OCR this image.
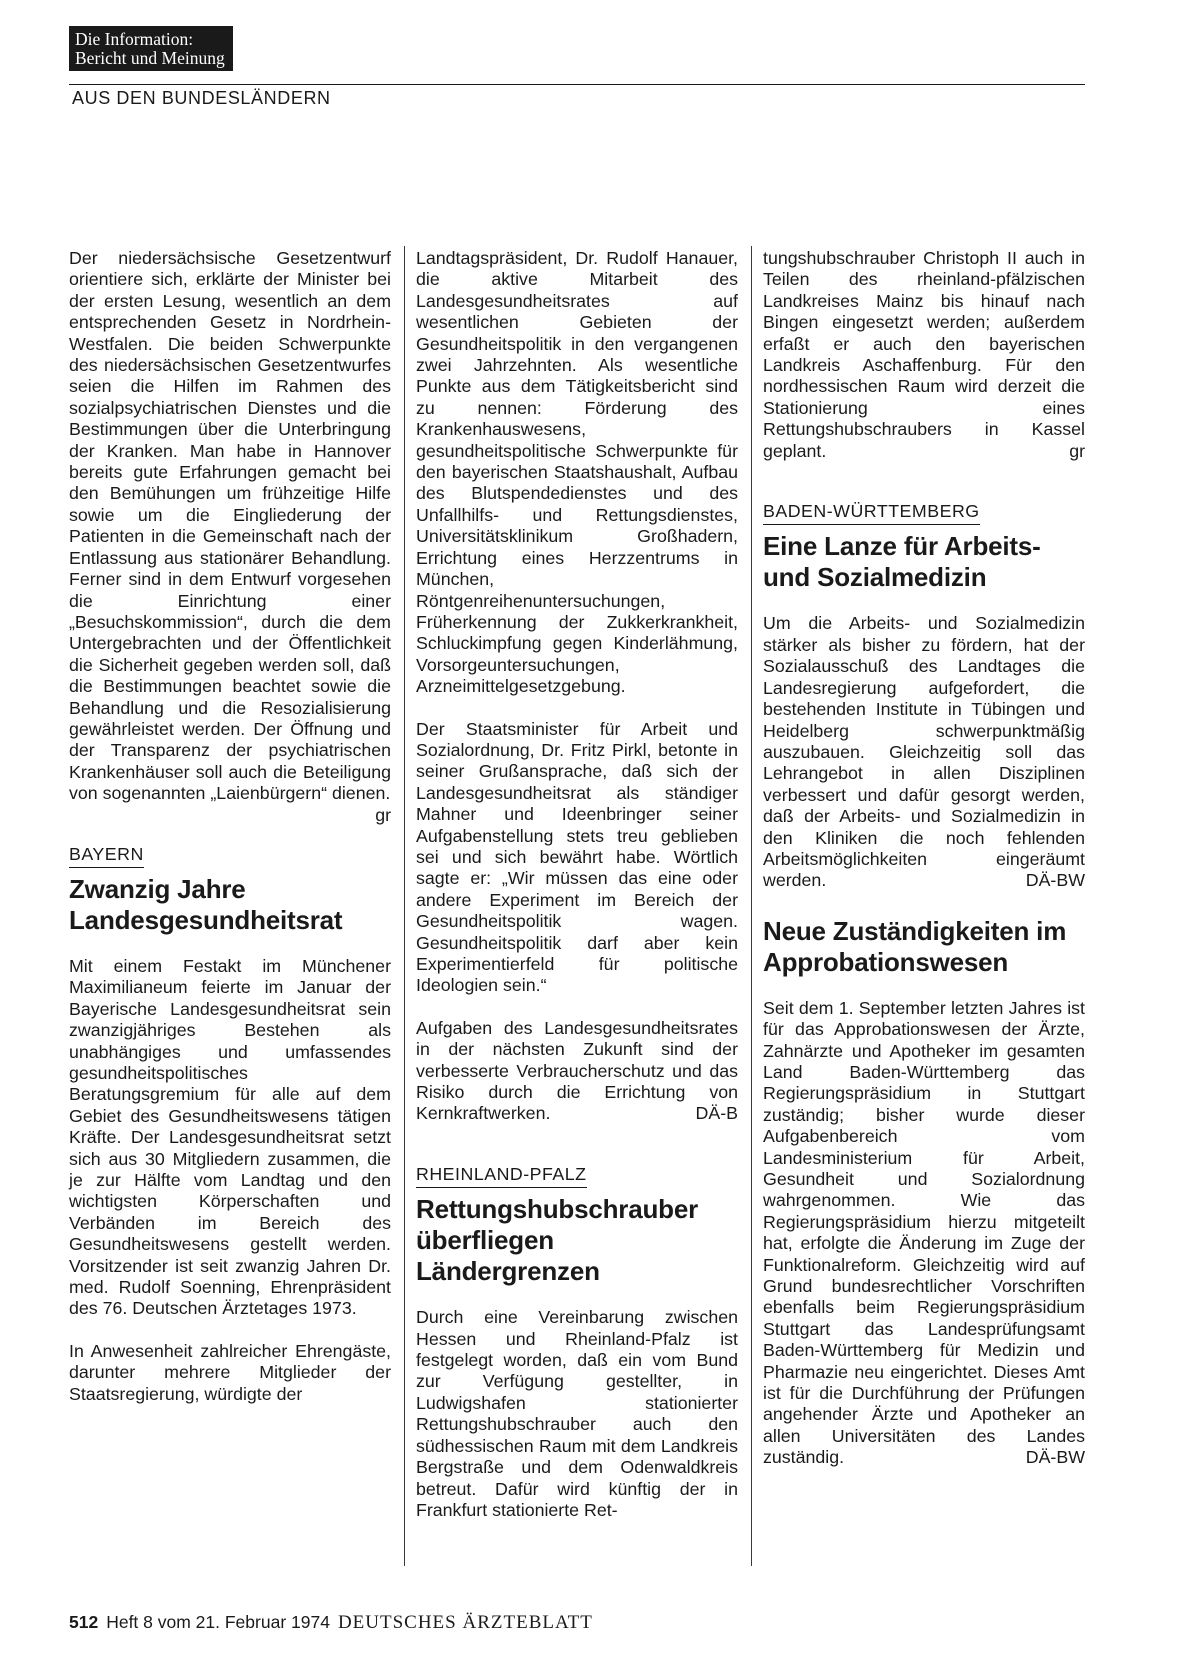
Die Information:
Bericht und Meinung
AUS DEN BUNDESLÄNDERN

Der niedersächsische Gesetzentwurf orientiere sich, erklärte der Minister bei der ersten Lesung, wesentlich an dem entsprechenden Gesetz in Nordrhein-Westfalen. Die beiden Schwerpunkte des niedersächsischen Gesetzentwurfes seien die Hilfen im Rahmen des sozialpsychiatrischen Dienstes und die Bestimmungen über die Unterbringung der Kranken. Man habe in Hannover bereits gute Erfahrungen gemacht bei den Bemühungen um frühzeitige Hilfe sowie um die Eingliederung der Patienten in die Gemeinschaft nach der Entlassung aus stationärer Behandlung. Ferner sind in dem Entwurf vorgesehen die Einrichtung einer „Besuchskommission“, durch die dem Untergebrachten und der Öffentlichkeit die Sicherheit gegeben werden soll, daß die Bestimmungen beachtet sowie die Behandlung und die Resozialisierung gewährleistet werden. Der Öffnung und der Transparenz der psychiatrischen Krankenhäuser soll auch die Beteiligung von sogenannten „Laienbürgern“ dienen.
gr

BAYERN
Zwanzig Jahre Landesgesundheitsrat

Mit einem Festakt im Münchener Maximilianeum feierte im Januar der Bayerische Landesgesundheitsrat sein zwanzigjähriges Bestehen als unabhängiges und umfassendes gesundheitspolitisches Beratungsgremium für alle auf dem Gebiet des Gesundheitswesens tätigen Kräfte. Der Landesgesundheitsrat setzt sich aus 30 Mitgliedern zusammen, die je zur Hälfte vom Landtag und den wichtigsten Körperschaften und Verbänden im Bereich des Gesundheitswesens gestellt werden. Vorsitzender ist seit zwanzig Jahren Dr. med. Rudolf Soenning, Ehrenpräsident des 76. Deutschen Ärztetages 1973.

In Anwesenheit zahlreicher Ehrengäste, darunter mehrere Mitglieder der Staatsregierung, würdigte der

Landtagspräsident, Dr. Rudolf Hanauer, die aktive Mitarbeit des Landesgesundheitsrates auf wesentlichen Gebieten der Gesundheitspolitik in den vergangenen zwei Jahrzehnten. Als wesentliche Punkte aus dem Tätigkeitsbericht sind zu nennen: Förderung des Krankenhauswesens, gesundheitspolitische Schwerpunkte für den bayerischen Staatshaushalt, Aufbau des Blutspendedienstes und des Unfallhilfs- und Rettungsdienstes, Universitätsklinikum Großhadern, Errichtung eines Herzzentrums in München, Röntgenreihenuntersuchungen, Früherkennung der Zukkerkrankheit, Schluckimpfung gegen Kinderlähmung, Vorsorgeuntersuchungen, Arzneimittelgesetzgebung.

Der Staatsminister für Arbeit und Sozialordnung, Dr. Fritz Pirkl, betonte in seiner Grußansprache, daß sich der Landesgesundheitsrat als ständiger Mahner und Ideenbringer seiner Aufgabenstellung stets treu geblieben sei und sich bewährt habe. Wörtlich sagte er: „Wir müssen das eine oder andere Experiment im Bereich der Gesundheitspolitik wagen. Gesundheitspolitik darf aber kein Experimentierfeld für politische Ideologien sein.“

Aufgaben des Landesgesundheitsrates in der nächsten Zukunft sind der verbesserte Verbraucherschutz und das Risiko durch die Errichtung von Kernkraftwerken.	DÄ-B

RHEINLAND-PFALZ
Rettungshubschrauber überfliegen Ländergrenzen

Durch eine Vereinbarung zwischen Hessen und Rheinland-Pfalz ist festgelegt worden, daß ein vom Bund zur Verfügung gestellter, in Ludwigshafen stationierter Rettungshubschrauber auch den südhessischen Raum mit dem Landkreis Bergstraße und dem Odenwaldkreis betreut. Dafür wird künftig der in Frankfurt stationierte Ret-

tungshubschrauber Christoph II auch in Teilen des rheinland-pfälzischen Landkreises Mainz bis hinauf nach Bingen eingesetzt werden; außerdem erfaßt er auch den bayerischen Landkreis Aschaffenburg. Für den nordhessischen Raum wird derzeit die Stationierung eines Rettungshubschraubers in Kassel geplant.	gr

BADEN-WÜRTTEMBERG
Eine Lanze für Arbeits- und Sozialmedizin

Um die Arbeits- und Sozialmedizin stärker als bisher zu fördern, hat der Sozialausschuß des Landtages die Landesregierung aufgefordert, die bestehenden Institute in Tübingen und Heidelberg schwerpunktmäßig auszubauen. Gleichzeitig soll das Lehrangebot in allen Disziplinen verbessert und dafür gesorgt werden, daß der Arbeits- und Sozialmedizin in den Kliniken die noch fehlenden Arbeitsmöglichkeiten eingeräumt werden.	DÄ-BW

Neue Zuständigkeiten im Approbationswesen

Seit dem 1. September letzten Jahres ist für das Approbationswesen der Ärzte, Zahnärzte und Apotheker im gesamten Land Baden-Württemberg das Regierungspräsidium in Stuttgart zuständig; bisher wurde dieser Aufgabenbereich vom Landesministerium für Arbeit, Gesundheit und Sozialordnung wahrgenommen. Wie das Regierungspräsidium hierzu mitgeteilt hat, erfolgte die Änderung im Zuge der Funktionalreform. Gleichzeitig wird auf Grund bundesrechtlicher Vorschriften ebenfalls beim Regierungspräsidium Stuttgart das Landesprüfungsamt Baden-Württemberg für Medizin und Pharmazie neu eingerichtet. Dieses Amt ist für die Durchführung der Prüfungen angehender Ärzte und Apotheker an allen Universitäten des Landes zuständig.	DÄ-BW

512 Heft 8 vom 21. Februar 1974 DEUTSCHES ÄRZTEBLATT
